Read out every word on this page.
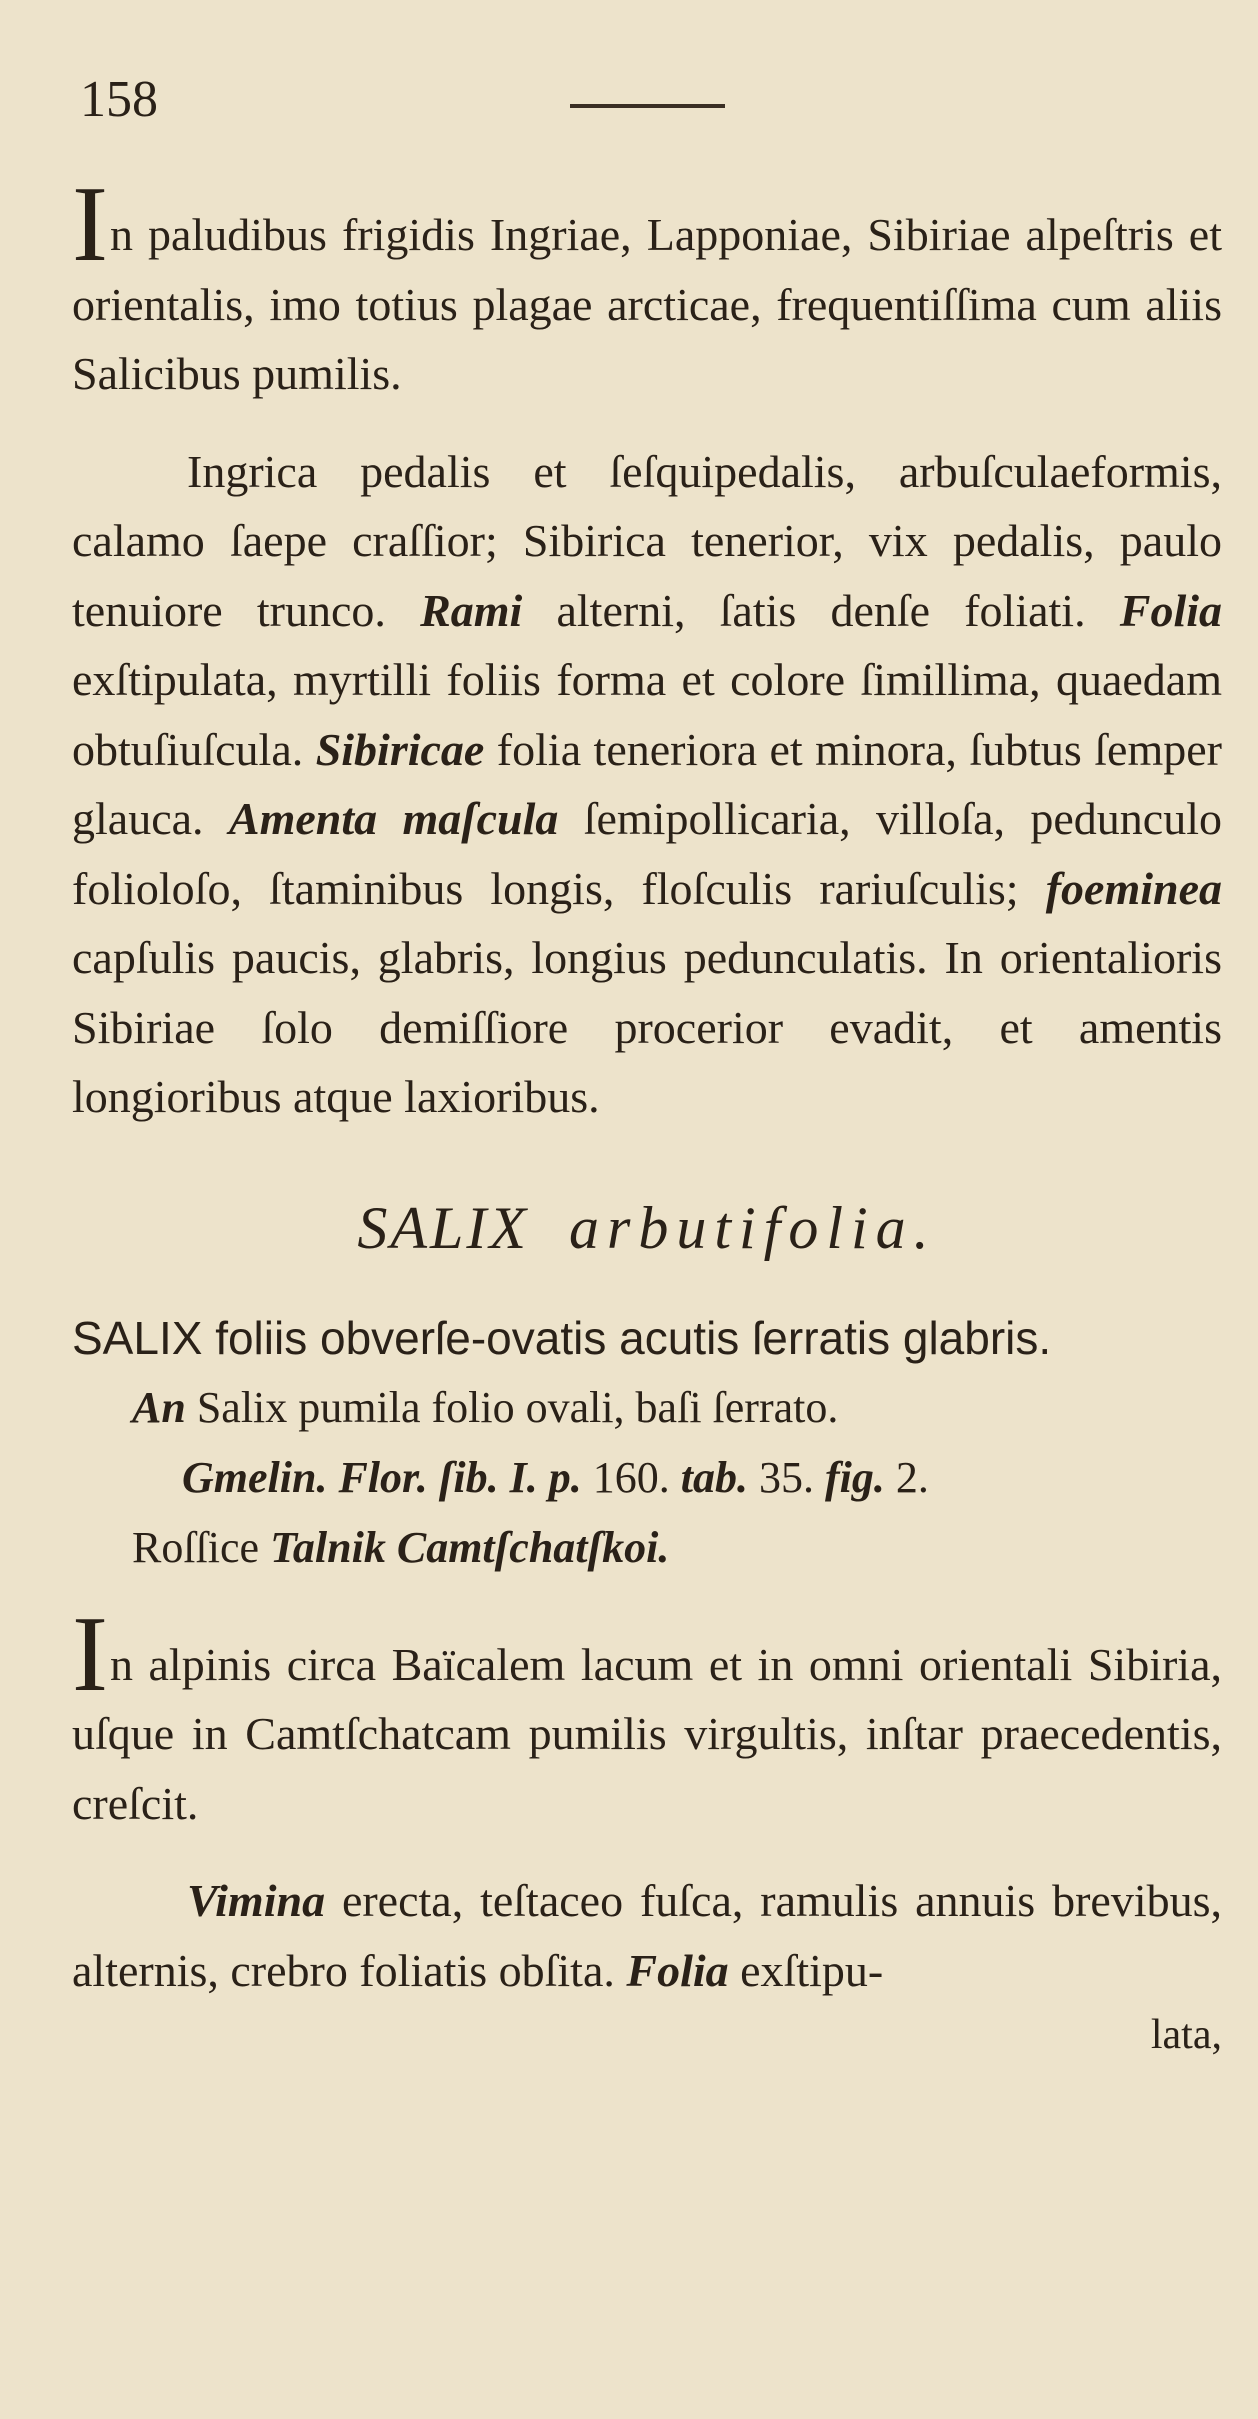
158

In paludibus frigidis Ingriae, Lapponiae, Sibiriae alpeſtris et orientalis, imo totius plagae arcticae, frequentiſſima cum aliis Salicibus pumilis.

Ingrica pedalis et ſeſquipedalis, arbuſculaeformis, calamo ſaepe craſſior; Sibirica tenerior, vix pedalis, paulo tenuiore trunco. Rami alterni, ſatis denſe foliati. Folia exſtipulata, myrtilli foliis forma et colore ſimillima, quaedam obtuſiuſcula. Sibiricae folia teneriora et minora, ſubtus ſemper glauca. Amenta maſcula ſemipollicaria, villoſa, pedunculo folioloſo, ſtaminibus longis, floſculis rariuſculis; foeminea capſulis paucis, glabris, longius pedunculatis. In orientalioris Sibiriae ſolo demiſſiore procerior evadit, et amentis longioribus atque laxioribus.

SALIX arbutifolia.

SALIX foliis obverſe-ovatis acutis ſerratis glabris.

An Salix pumila folio ovali, baſi ſerrato.

Gmelin. Flor. ſib. I. p. 160. tab. 35. fig. 2.

Roſſice Talnik Camtſchatſkoi.

In alpinis circa Baïcalem lacum et in omni orientali Sibiria, uſque in Camtſchatcam pumilis virgultis, inſtar praecedentis, creſcit.

Vimina erecta, teſtaceo fuſca, ramulis annuis brevibus, alternis, crebro foliatis obſita. Folia exſtipu-

lata,
